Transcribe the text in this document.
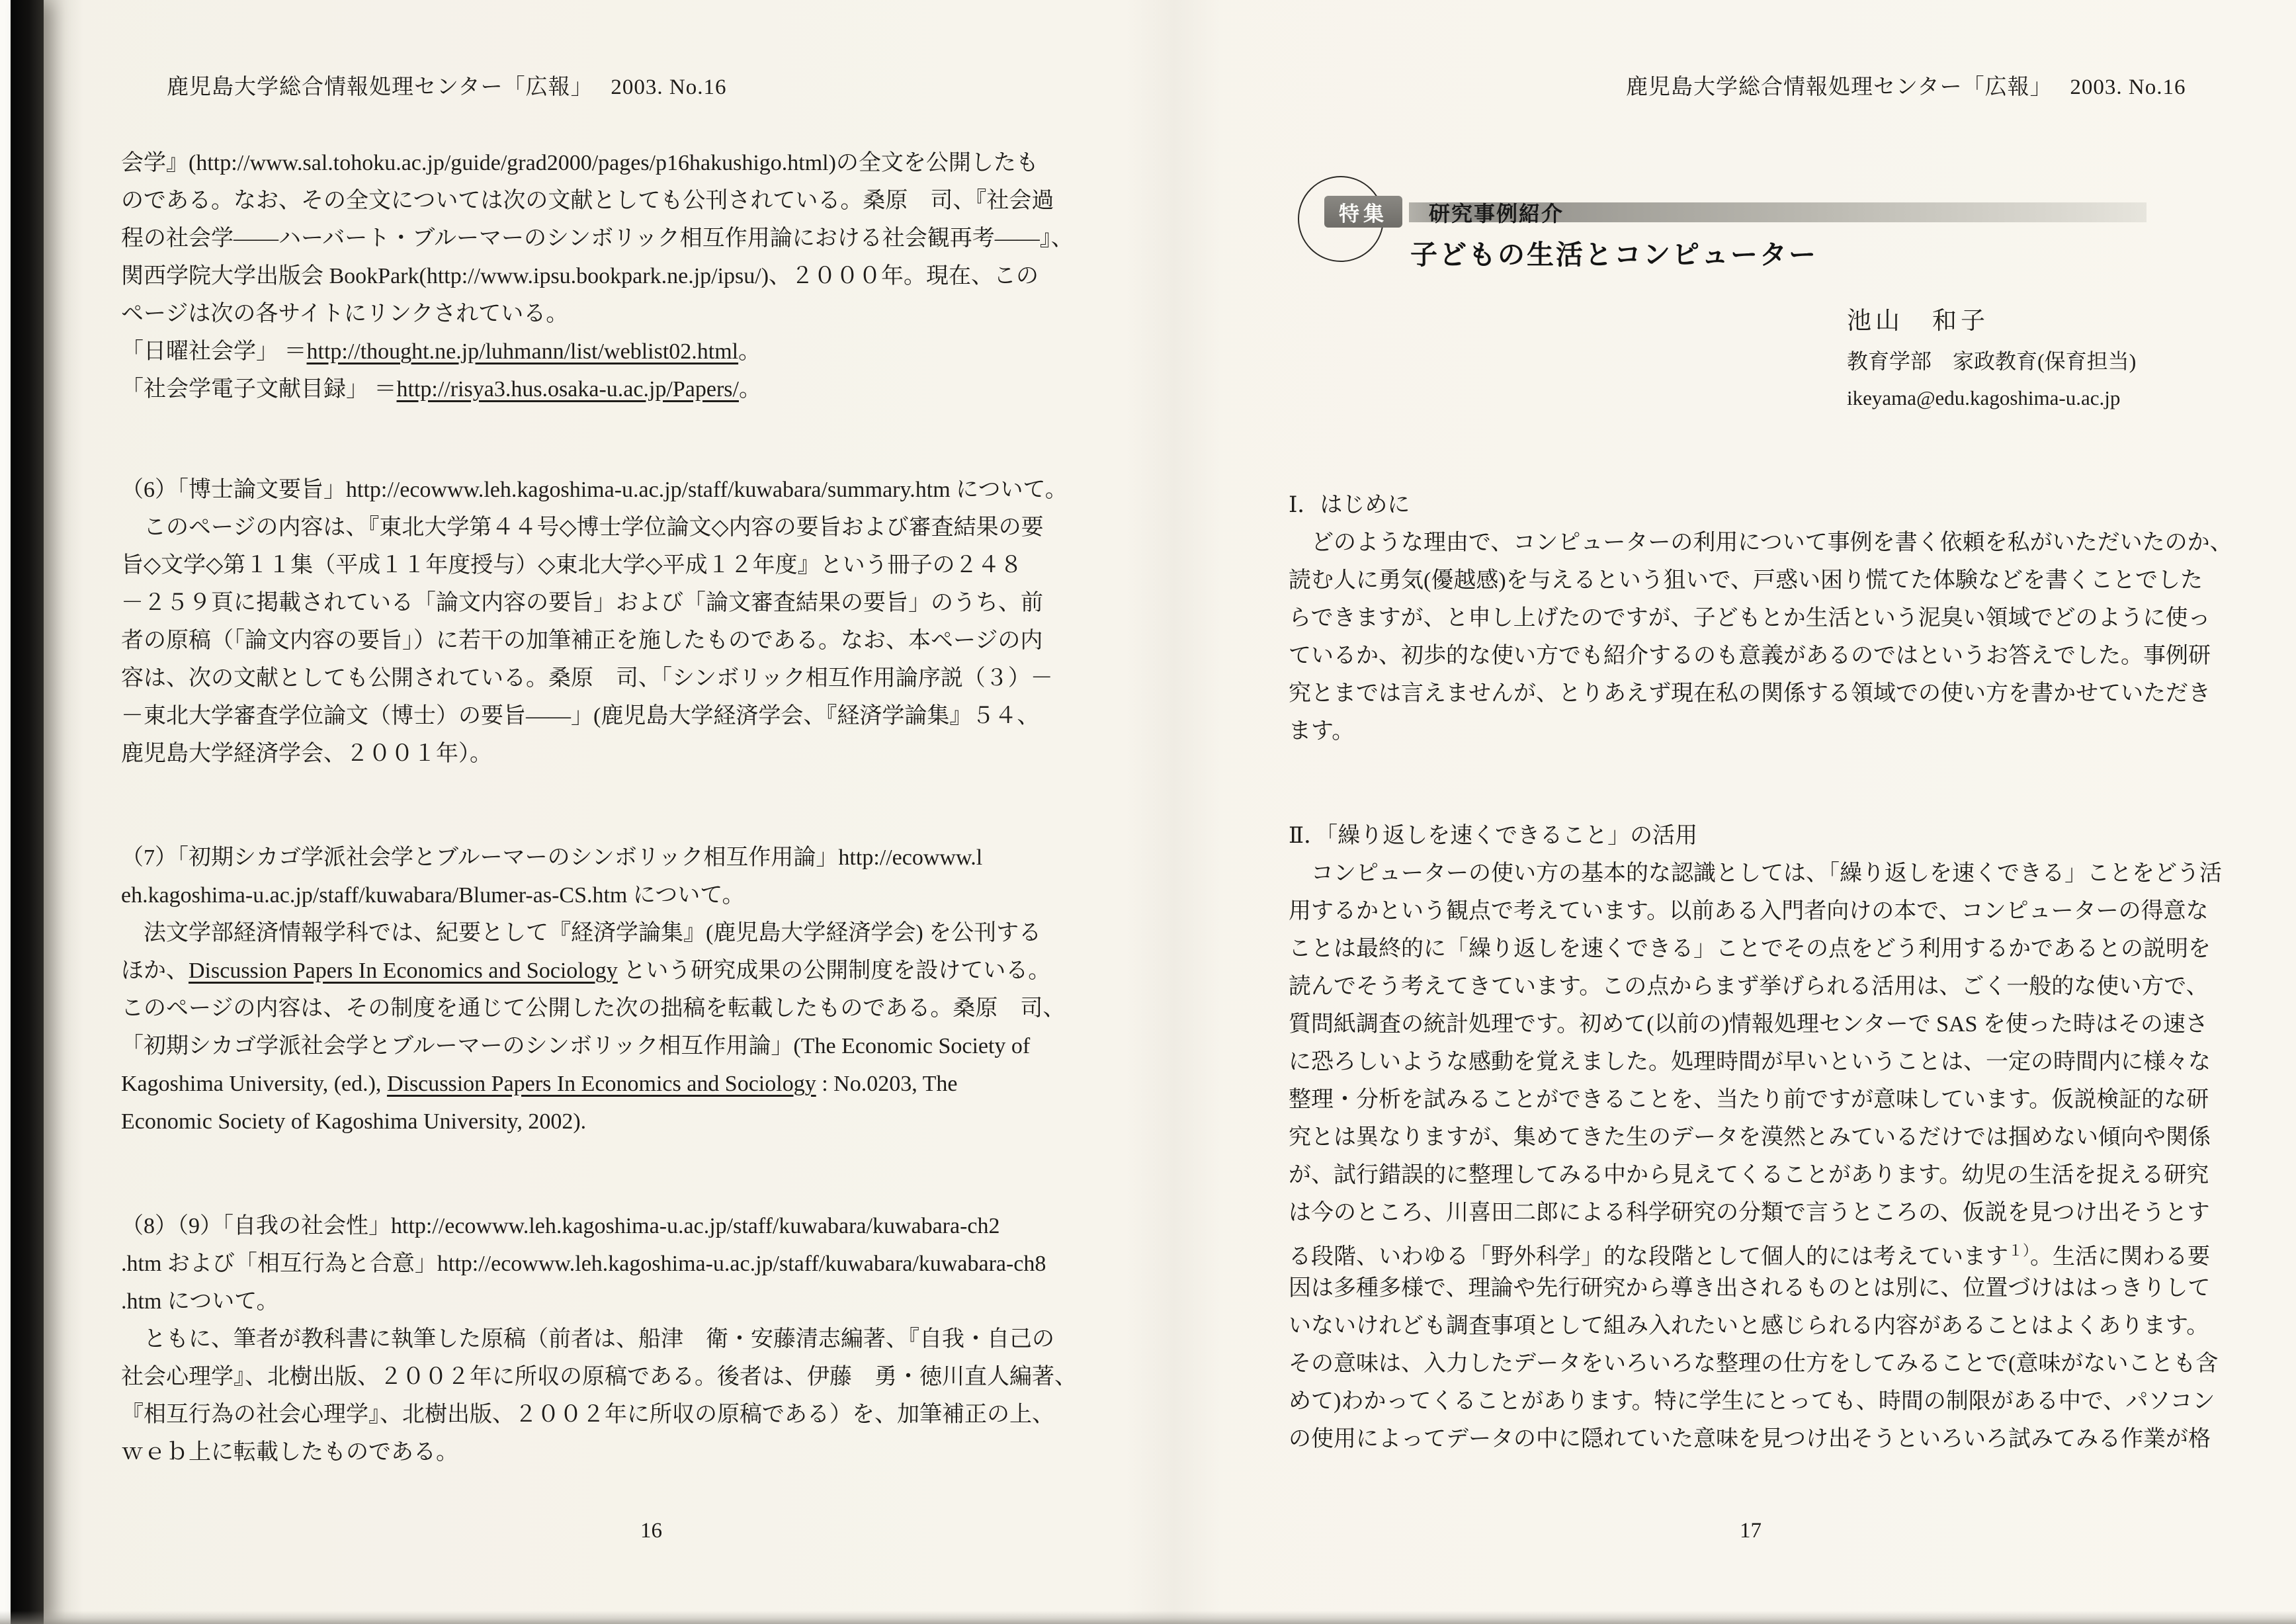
鹿児島大学総合情報処理センター「広報」　 2003. No.16
会学』(http://www.sal.tohoku.ac.jp/guide/grad2000/pages/p16hakushigo.html)の全文を公開したも
のである。なお、その全文については次の文献としても公刊されている。桑原　司、『社会過
程の社会学――ハーバート・ブルーマーのシンボリック相互作用論における社会観再考――』、
関西学院大学出版会 BookPark(http://www.ipsu.bookpark.ne.jp/ipsu/)、２０００年。現在、この
ページは次の各サイトにリンクされている。
「日曜社会学」 ＝http://thought.ne.jp/luhmann/list/weblist02.html。
「社会学電子文献目録」 ＝http://risya3.hus.osaka-u.ac.jp/Papers/。
（6）「博士論文要旨」http://ecowww.leh.kagoshima-u.ac.jp/staff/kuwabara/summary.htm について。
　このページの内容は、『東北大学第４４号◇博士学位論文◇内容の要旨および審査結果の要
旨◇文学◇第１１集（平成１１年度授与）◇東北大学◇平成１２年度』という冊子の２４８
－２５９頁に掲載されている「論文内容の要旨」および「論文審査結果の要旨」のうち、前
者の原稿（「論文内容の要旨」）に若干の加筆補正を施したものである。なお、本ページの内
容は、次の文献としても公開されている。桑原　司、「シンボリック相互作用論序説（３）－
－東北大学審査学位論文（博士）の要旨――」(鹿児島大学経済学会、『経済学論集』５４、
鹿児島大学経済学会、２００１年）。
（7）「初期シカゴ学派社会学とブルーマーのシンボリック相互作用論」http://ecowww.l
eh.kagoshima-u.ac.jp/staff/kuwabara/Blumer-as-CS.htm について。
　法文学部経済情報学科では、紀要として『経済学論集』(鹿児島大学経済学会) を公刊する
ほか、Discussion Papers In Economics and Sociology という研究成果の公開制度を設けている。
このページの内容は、その制度を通じて公開した次の拙稿を転載したものである。桑原　司、
「初期シカゴ学派社会学とブルーマーのシンボリック相互作用論」(The Economic Society of
Kagoshima University, (ed.), Discussion Papers In Economics and Sociology : No.0203, The
Economic Society of Kagoshima University, 2002).
（8）（9）「自我の社会性」http://ecowww.leh.kagoshima-u.ac.jp/staff/kuwabara/kuwabara-ch2
.htm および「相互行為と合意」http://ecowww.leh.kagoshima-u.ac.jp/staff/kuwabara/kuwabara-ch8
.htm について。
　ともに、筆者が教科書に執筆した原稿（前者は、船津　衛・安藤清志編著、『自我・自己の
社会心理学』、北樹出版、２００２年に所収の原稿である。後者は、伊藤　勇・徳川直人編著、
『相互行為の社会心理学』、北樹出版、２００２年に所収の原稿である）を、加筆補正の上、
ｗｅｂ上に転載したものである。
16
鹿児島大学総合情報処理センター「広報」　 2003. No.16
研究事例紹介
特集
子どもの生活とコンピューター
池山　和子
教育学部　家政教育(保育担当)
ikeyama@edu.kagoshima-u.ac.jp
Ⅰ．はじめに
　どのような理由で、コンピューターの利用について事例を書く依頼を私がいただいたのか、
読む人に勇気(優越感)を与えるという狙いで、戸惑い困り慌てた体験などを書くことでした
らできますが、と申し上げたのですが、子どもとか生活という泥臭い領域でどのように使っ
ているか、初歩的な使い方でも紹介するのも意義があるのではというお答えでした。事例研
究とまでは言えませんが、とりあえず現在私の関係する領域での使い方を書かせていただき
ます。
Ⅱ．「繰り返しを速くできること」の活用
　コンピューターの使い方の基本的な認識としては、「繰り返しを速くできる」ことをどう活
用するかという観点で考えています。以前ある入門者向けの本で、コンピューターの得意な
ことは最終的に「繰り返しを速くできる」ことでその点をどう利用するかであるとの説明を
読んでそう考えてきています。この点からまず挙げられる活用は、ごく一般的な使い方で、
質問紙調査の統計処理です。初めて(以前の)情報処理センターで SAS を使った時はその速さ
に恐ろしいような感動を覚えました。処理時間が早いということは、一定の時間内に様々な
整理・分析を試みることができることを、当たり前ですが意味しています。仮説検証的な研
究とは異なりますが、集めてきた生のデータを漠然とみているだけでは掴めない傾向や関係
が、試行錯誤的に整理してみる中から見えてくることがあります。幼児の生活を捉える研究
は今のところ、川喜田二郎による科学研究の分類で言うところの、仮説を見つけ出そうとす
る段階、いわゆる「野外科学」的な段階として個人的には考えています$^{1)}$。生活に関わる要
因は多種多様で、理論や先行研究から導き出されるものとは別に、位置づけははっきりして
いないけれども調査事項として組み入れたいと感じられる内容があることはよくあります。
その意味は、入力したデータをいろいろな整理の仕方をしてみることで(意味がないことも含
めて)わかってくることがあります。特に学生にとっても、時間の制限がある中で、パソコン
の使用によってデータの中に隠れていた意味を見つけ出そうといろいろ試みてみる作業が格
17
